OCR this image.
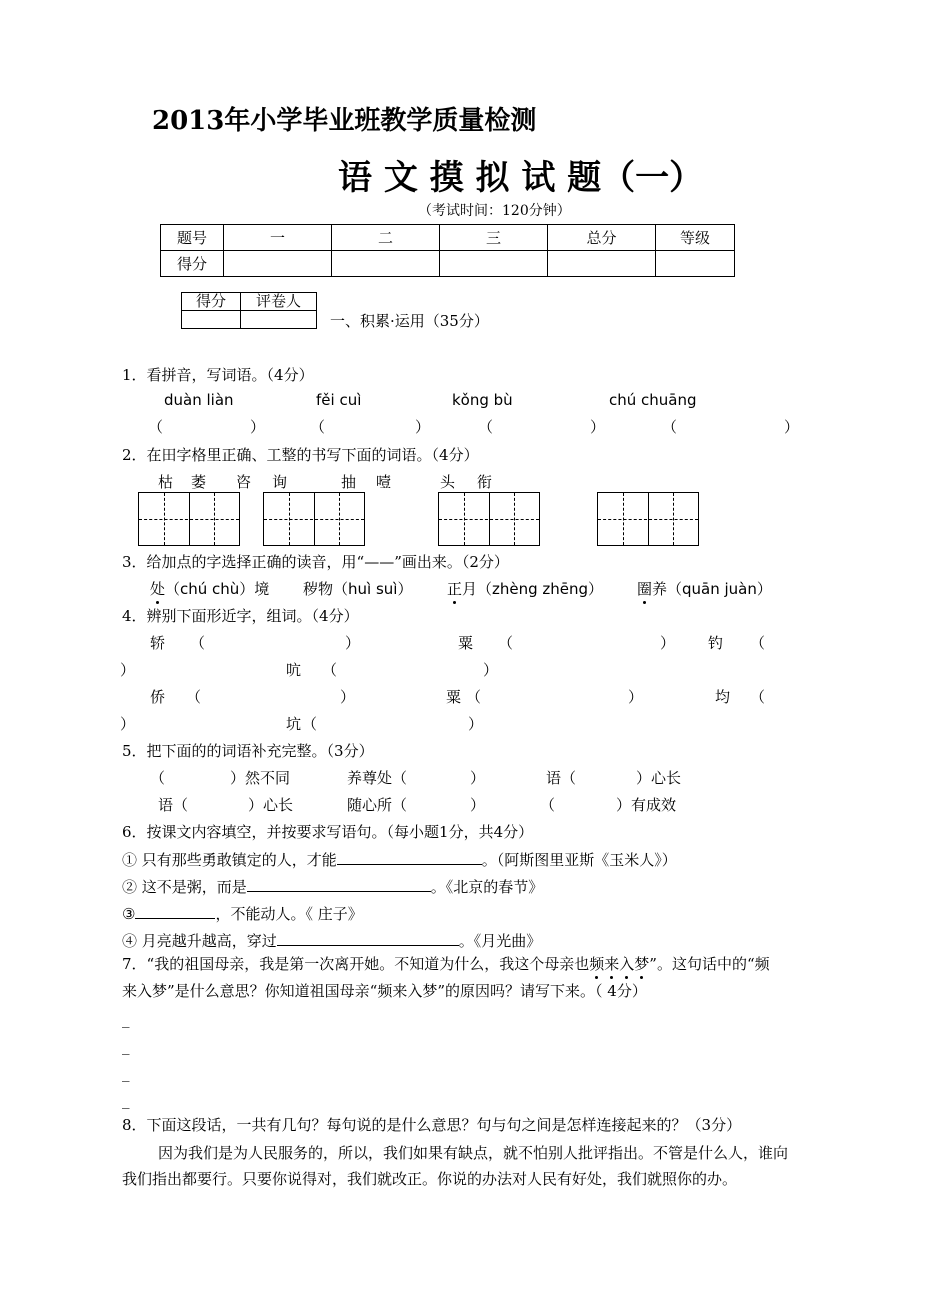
2013年小学毕业班教学质量检测
语 文 摸 拟 试 题（一）
（考试时间：120分钟）
题号	一	二	三	总分	等级
得分					
得分	评卷人

一、积累·运用（35分）
1．看拼音，写词语。（4分）
duàn liàn	fěi cuì	kǒng bù	chú chuāng
（	）	（	）	（	）	（	）
2．在田字格里正确、工整的书写下面的词语。（4分）
枯 萎 咨 询	抽 噎	头 衔
3．给加点的字选择正确的读音，用“——”画出来。（2分）
处（chú chù）境 秽物（huì suì） 正月（zhèng zhēng） 圈养（quān juàn）
4．辨别下面形近字，组词。（4分）
轿 （	）	粟 （	） 钓 （
）	吭 （	）
侨 （	）	粟 （	）	均 （
）	坑 （	）
5．把下面的的词语补充完整。（3分）
（	）然不同	养尊处（	）	语（	）心长
语（	）心长	随心所（	）	（	）有成效
6．按课文内容填空，并按要求写语句。（每小题1分，共4分）
① 只有那些勇敢镇定的人，才能	。（阿斯图里亚斯《玉米人》）
② 这不是粥，而是	。《北京的春节》
③	，不能动人。《 庄子》
④ 月亮越升越高，穿过	。《月光曲》
7．“我的祖国母亲，我是第一次离开她。不知道为什么，我这个母亲也频来入梦”。这句话中的“频
来入梦”是什么意思？你知道祖国母亲“频来入梦”的原因吗？请写下来。（ 4分）
_
_
_
_
8．下面这段话，一共有几句？每句说的是什么意思？句与句之间是怎样连接起来的？（3分）
因为我们是为人民服务的，所以，我们如果有缺点，就不怕别人批评指出。不管是什么人，谁向
我们指出都要行。只要你说得对，我们就改正。你说的办法对人民有好处，我们就照你的办。
